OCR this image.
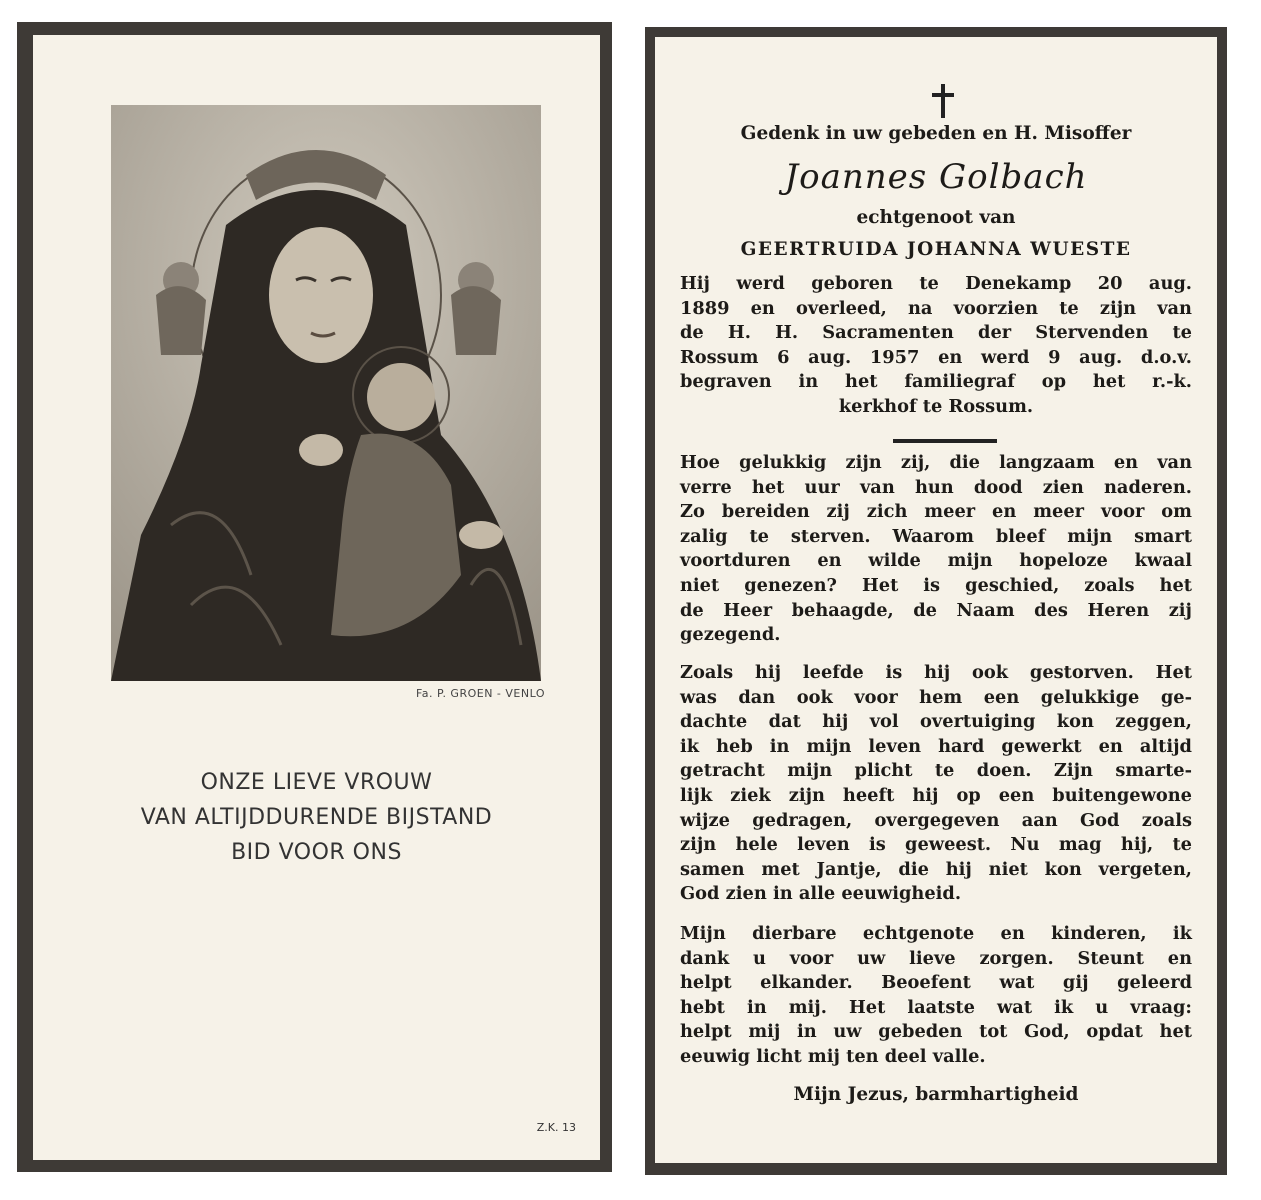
Fa. P. GROEN - VENLO
ONZE LIEVE VROUW
VAN ALTIJDDURENDE BIJSTAND
BID VOOR ONS
Z.K. 13
Gedenk in uw gebeden en H. Misoffer
Joannes Golbach
echtgenoot van
GEERTRUIDA JOHANNA WUESTE
Hij werd geboren te Denekamp 20 aug.
1889 en overleed, na voorzien te zijn van
de H. H. Sacramenten der Stervenden te
Rossum 6 aug. 1957 en werd 9 aug. d.o.v.
begraven in het familiegraf op het r.-k.
kerkhof te Rossum.
Hoe gelukkig zijn zij, die langzaam en van
verre het uur van hun dood zien naderen.
Zo bereiden zij zich meer en meer voor om
zalig te sterven. Waarom bleef mijn smart
voortduren en wilde mijn hopeloze kwaal
niet genezen? Het is geschied, zoals het
de Heer behaagde, de Naam des Heren zij
gezegend.
Zoals hij leefde is hij ook gestorven. Het
was dan ook voor hem een gelukkige ge-
dachte dat hij vol overtuiging kon zeggen,
ik heb in mijn leven hard gewerkt en altijd
getracht mijn plicht te doen. Zijn smarte-
lijk ziek zijn heeft hij op een buitengewone
wijze gedragen, overgegeven aan God zoals
zijn hele leven is geweest. Nu mag hij, te
samen met Jantje, die hij niet kon vergeten,
God zien in alle eeuwigheid.
Mijn dierbare echtgenote en kinderen, ik
dank u voor uw lieve zorgen. Steunt en
helpt elkander. Beoefent wat gij geleerd
hebt in mij. Het laatste wat ik u vraag:
helpt mij in uw gebeden tot God, opdat het
eeuwig licht mij ten deel valle.
Mijn Jezus, barmhartigheid
